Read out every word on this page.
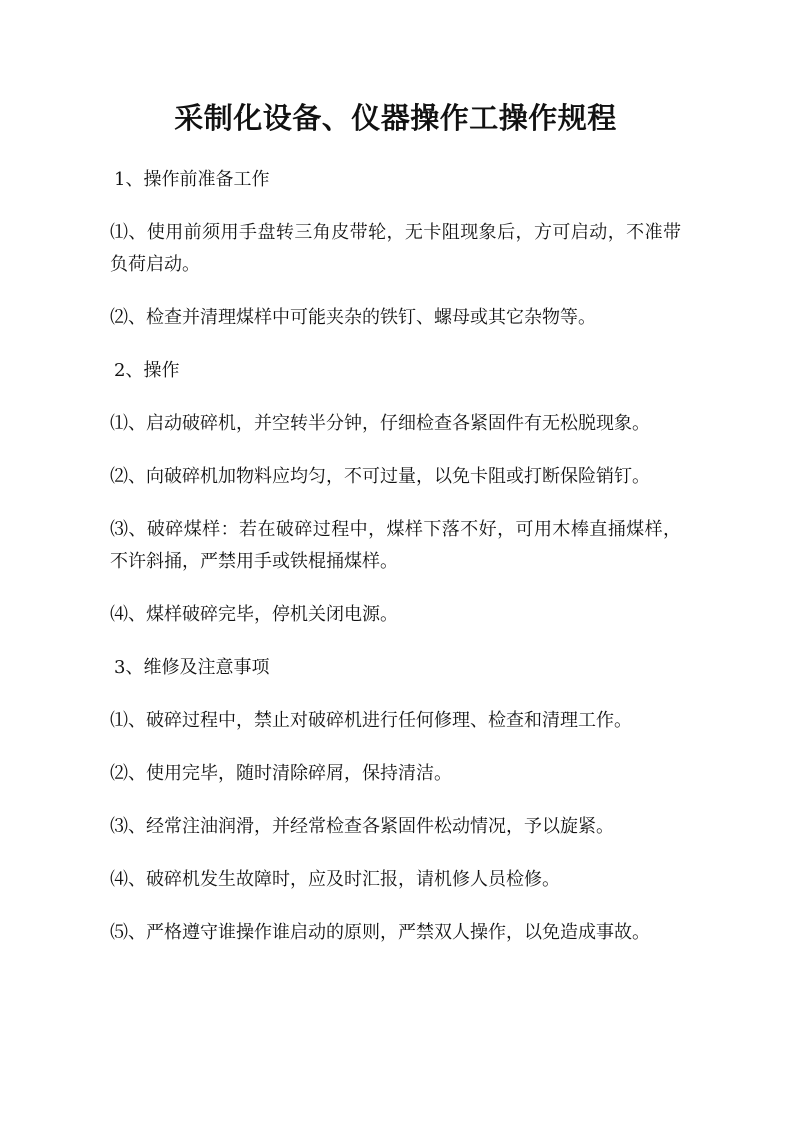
采制化设备、仪器操作工操作规程

1、操作前准备工作

⑴、使用前须用手盘转三角皮带轮，无卡阻现象后，方可启动，不准带负荷启动。

⑵、检查并清理煤样中可能夹杂的铁钉、螺母或其它杂物等。

2、操作

⑴、启动破碎机，并空转半分钟，仔细检查各紧固件有无松脱现象。

⑵、向破碎机加物料应均匀，不可过量，以免卡阻或打断保险销钉。

⑶、破碎煤样：若在破碎过程中，煤样下落不好，可用木棒直捅煤样，不许斜捅，严禁用手或铁棍捅煤样。

⑷、煤样破碎完毕，停机关闭电源。

3、维修及注意事项

⑴、破碎过程中，禁止对破碎机进行任何修理、检查和清理工作。

⑵、使用完毕，随时清除碎屑，保持清洁。

⑶、经常注油润滑，并经常检查各紧固件松动情况，予以旋紧。

⑷、破碎机发生故障时，应及时汇报，请机修人员检修。

⑸、严格遵守谁操作谁启动的原则，严禁双人操作，以免造成事故。
